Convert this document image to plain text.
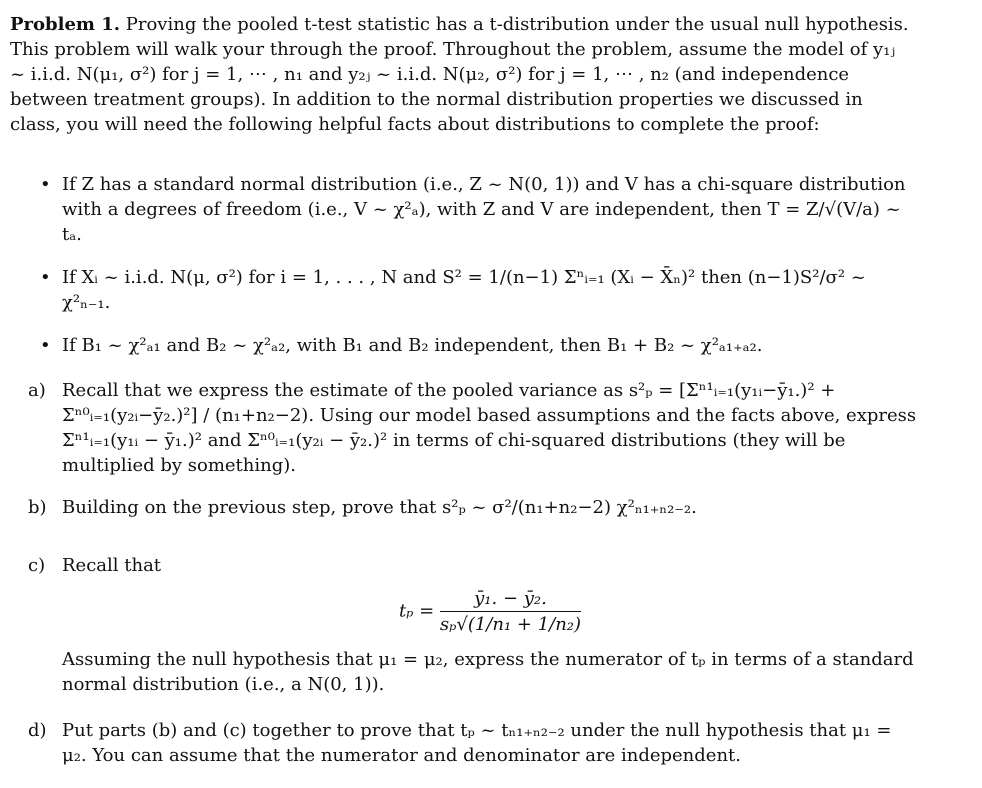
Problem 1. Proving the pooled t-test statistic has a t-distribution under the usual null hypothesis. This problem will walk your through the proof. Throughout the problem, assume the model of y₁ⱼ ~ i.i.d. N(μ₁, σ²) for j = 1, ⋯ , n₁ and y₂ⱼ ~ i.i.d. N(μ₂, σ²) for j = 1, ⋯ , n₂ (and independence between treatment groups). In addition to the normal distribution properties we discussed in class, you will need the following helpful facts about distributions to complete the proof:
• If Z has a standard normal distribution (i.e., Z ~ N(0, 1)) and V has a chi-square distribution with a degrees of freedom (i.e., V ~ χ²ₐ), with Z and V are independent, then T = Z/√(V/a) ~ tₐ.
• If Xᵢ ~ i.i.d. N(μ, σ²) for i = 1, . . . , N and S² = 1/(n−1) Σⁿᵢ₌₁ (Xᵢ − X̄ₙ)² then (n−1)S²/σ² ~ χ²ₙ₋₁.
• If B₁ ~ χ²ₐ₁ and B₂ ~ χ²ₐ₂, with B₁ and B₂ independent, then B₁ + B₂ ~ χ²ₐ₁₊ₐ₂.
a) Recall that we express the estimate of the pooled variance as s²ₚ = [Σⁿ¹ᵢ₌₁(y₁ᵢ−ȳ₁.)² + Σⁿ⁰ᵢ₌₁(y₂ᵢ−ȳ₂.)²] / (n₁+n₂−2). Using our model based assumptions and the facts above, express Σⁿ¹ᵢ₌₁(y₁ᵢ − ȳ₁.)² and Σⁿ⁰ᵢ₌₁(y₂ᵢ − ȳ₂.)² in terms of chi-squared distributions (they will be multiplied by something).
b) Building on the previous step, prove that s²ₚ ~ σ²/(n₁+n₂−2) χ²ₙ₁₊ₙ₂₋₂.
c) Recall that
$t_p = \frac{\text{ȳ₁. − ȳ₂.}}{\text{sₚ√(1/n₁ + 1/n₂)}}$
Assuming the null hypothesis that μ₁ = μ₂, express the numerator of tₚ in terms of a standard normal distribution (i.e., a N(0, 1)).
d) Put parts (b) and (c) together to prove that tₚ ~ tₙ₁₊ₙ₂₋₂ under the null hypothesis that μ₁ = μ₂. You can assume that the numerator and denominator are independent.
